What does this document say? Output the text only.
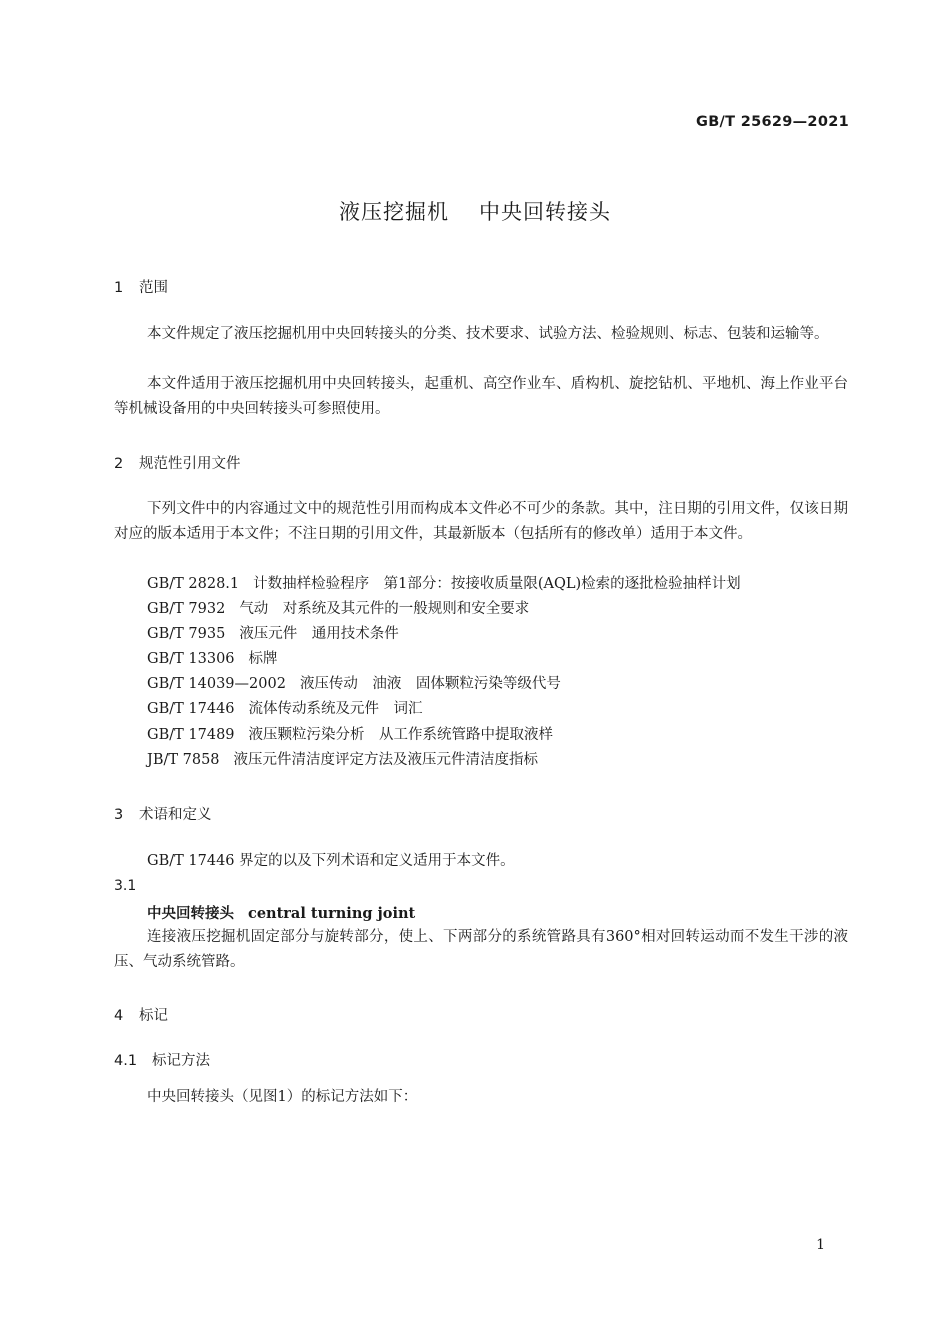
GB/T 25629—2021
液压挖掘机 中央回转接头
1 范围
本文件规定了液压挖掘机用中央回转接头的分类、技术要求、试验方法、检验规则、标志、包装和运输等。
本文件适用于液压挖掘机用中央回转接头，起重机、高空作业车、盾构机、旋挖钻机、平地机、海上作业平台等机械设备用的中央回转接头可参照使用。
2 规范性引用文件
下列文件中的内容通过文中的规范性引用而构成本文件必不可少的条款。其中，注日期的引用文件，仅该日期对应的版本适用于本文件；不注日期的引用文件，其最新版本（包括所有的修改单）适用于本文件。
GB/T 2828.1 计数抽样检验程序　第1部分：按接收质量限(AQL)检索的逐批检验抽样计划
GB/T 7932 气动　对系统及其元件的一般规则和安全要求
GB/T 7935 液压元件　通用技术条件
GB/T 13306 标牌
GB/T 14039—2002 液压传动　油液　固体颗粒污染等级代号
GB/T 17446 流体传动系统及元件　词汇
GB/T 17489 液压颗粒污染分析　从工作系统管路中提取液样
JB/T 7858 液压元件清洁度评定方法及液压元件清洁度指标
3 术语和定义
GB/T 17446 界定的以及下列术语和定义适用于本文件。
3.1
中央回转接头 central turning joint
连接液压挖掘机固定部分与旋转部分，使上、下两部分的系统管路具有360°相对回转运动而不发生干涉的液压、气动系统管路。
4 标记
4.1 标记方法
中央回转接头（见图1）的标记方法如下：
1
